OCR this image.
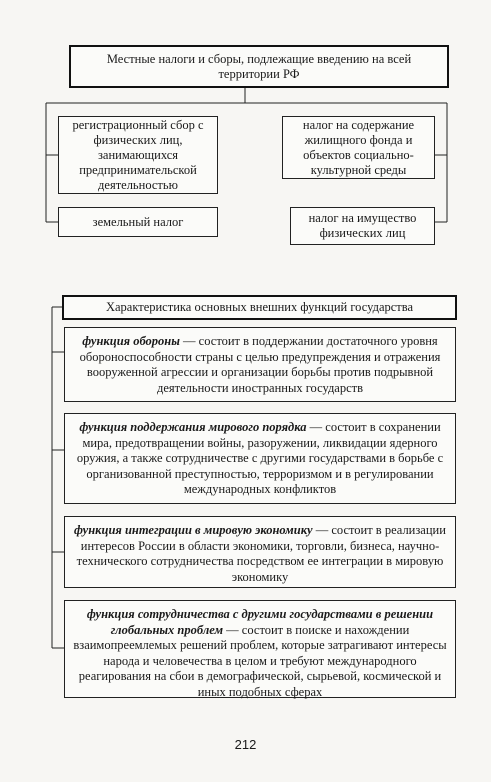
Местные налоги и сборы, подлежащие введению на всей территории РФ
регистрационный сбор с физических лиц, занимающихся предпринимательской деятельностью
земельный налог
налог на содержание жилищного фонда и объектов социально-культурной среды
налог на имущество физических лиц
Характеристика основных внешних функций государства
функция обороны — состоит в поддержании достаточного уровня обороноспособности страны с целью предупреждения и отражения вооруженной агрессии и организации борьбы против подрывной деятельности иностранных государств
функция поддержания мирового порядка — состоит в сохранении мира, предотвращении войны, разоружении, ликвидации ядерного оружия, а также сотрудничестве с другими государствами в борьбе с организованной преступностью, терроризмом и в регулировании международных конфликтов
функция интеграции в мировую экономику — состоит в реализации интересов России в области экономики, торговли, бизнеса, научно-технического сотрудничества посредством ее интеграции в мировую экономику
функция сотрудничества с другими государствами в решении глобальных проблем — состоит в поиске и нахождении взаимопреемлемых решений проблем, которые затрагивают интересы народа и человечества в целом и требуют международного реагирования на сбои в демографической, сырьевой, космической и иных подобных сферах
212
